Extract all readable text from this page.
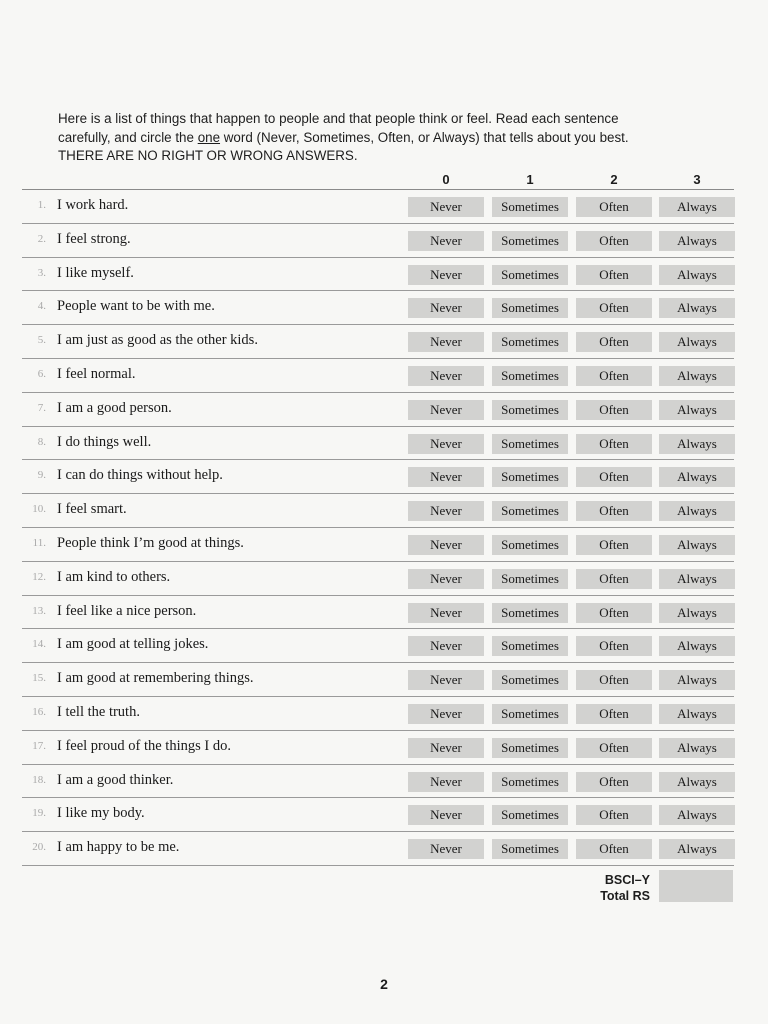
Here is a list of things that happen to people and that people think or feel. Read each sentence
carefully, and circle the one word (Never, Sometimes, Often, or Always) that tells about you best.
THERE ARE NO RIGHT OR WRONG ANSWERS.
0	1	2	3
1. I work hard.	Never	Sometimes	Often	Always
2. I feel strong.	Never	Sometimes	Often	Always
3. I like myself.	Never	Sometimes	Often	Always
4. People want to be with me.	Never	Sometimes	Often	Always
5. I am just as good as the other kids.	Never	Sometimes	Often	Always
6. I feel normal.	Never	Sometimes	Often	Always
7. I am a good person.	Never	Sometimes	Often	Always
8. I do things well.	Never	Sometimes	Often	Always
9. I can do things without help.	Never	Sometimes	Often	Always
10. I feel smart.	Never	Sometimes	Often	Always
11. People think I’m good at things.	Never	Sometimes	Often	Always
12. I am kind to others.	Never	Sometimes	Often	Always
13. I feel like a nice person.	Never	Sometimes	Often	Always
14. I am good at telling jokes.	Never	Sometimes	Often	Always
15. I am good at remembering things.	Never	Sometimes	Often	Always
16. I tell the truth.	Never	Sometimes	Often	Always
17. I feel proud of the things I do.	Never	Sometimes	Often	Always
18. I am a good thinker.	Never	Sometimes	Often	Always
19. I like my body.	Never	Sometimes	Often	Always
20. I am happy to be me.	Never	Sometimes	Often	Always
BSCI–Y
Total RS
2
